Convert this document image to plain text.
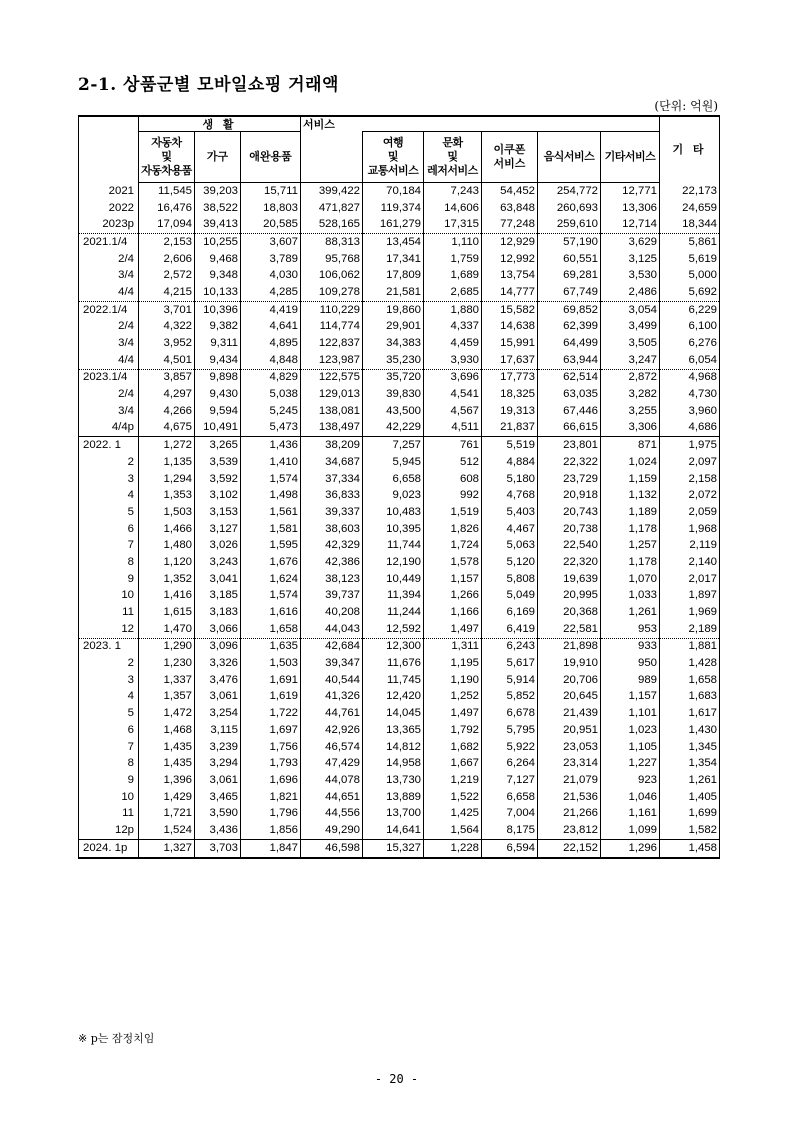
2-1. 상품군별 모바일쇼핑 거래액
(단위: 억원)
	생 활			서비스						기 타
	자동차
및
자동차용품	가구	애완용품		여행
및
교통서비스	문화
및
레저서비스	이쿠폰
서비스	음식서비스	기타서비스	
2021	11,545	39,203	15,711	399,422	70,184	7,243	54,452	254,772	12,771	22,173
2022	16,476	38,522	18,803	471,827	119,374	14,606	63,848	260,693	13,306	24,659
2023p	17,094	39,413	20,585	528,165	161,279	17,315	77,248	259,610	12,714	18,344
2021.1/4	2,153	10,255	3,607	88,313	13,454	1,110	12,929	57,190	3,629	5,861
2/4	2,606	9,468	3,789	95,768	17,341	1,759	12,992	60,551	3,125	5,619
3/4	2,572	9,348	4,030	106,062	17,809	1,689	13,754	69,281	3,530	5,000
4/4	4,215	10,133	4,285	109,278	21,581	2,685	14,777	67,749	2,486	5,692
2022.1/4	3,701	10,396	4,419	110,229	19,860	1,880	15,582	69,852	3,054	6,229
2/4	4,322	9,382	4,641	114,774	29,901	4,337	14,638	62,399	3,499	6,100
3/4	3,952	9,311	4,895	122,837	34,383	4,459	15,991	64,499	3,505	6,276
4/4	4,501	9,434	4,848	123,987	35,230	3,930	17,637	63,944	3,247	6,054
2023.1/4	3,857	9,898	4,829	122,575	35,720	3,696	17,773	62,514	2,872	4,968
2/4	4,297	9,430	5,038	129,013	39,830	4,541	18,325	63,035	3,282	4,730
3/4	4,266	9,594	5,245	138,081	43,500	4,567	19,313	67,446	3,255	3,960
4/4p	4,675	10,491	5,473	138,497	42,229	4,511	21,837	66,615	3,306	4,686
2022. 1	1,272	3,265	1,436	38,209	7,257	761	5,519	23,801	871	1,975
2	1,135	3,539	1,410	34,687	5,945	512	4,884	22,322	1,024	2,097
3	1,294	3,592	1,574	37,334	6,658	608	5,180	23,729	1,159	2,158
4	1,353	3,102	1,498	36,833	9,023	992	4,768	20,918	1,132	2,072
5	1,503	3,153	1,561	39,337	10,483	1,519	5,403	20,743	1,189	2,059
6	1,466	3,127	1,581	38,603	10,395	1,826	4,467	20,738	1,178	1,968
7	1,480	3,026	1,595	42,329	11,744	1,724	5,063	22,540	1,257	2,119
8	1,120	3,243	1,676	42,386	12,190	1,578	5,120	22,320	1,178	2,140
9	1,352	3,041	1,624	38,123	10,449	1,157	5,808	19,639	1,070	2,017
10	1,416	3,185	1,574	39,737	11,394	1,266	5,049	20,995	1,033	1,897
11	1,615	3,183	1,616	40,208	11,244	1,166	6,169	20,368	1,261	1,969
12	1,470	3,066	1,658	44,043	12,592	1,497	6,419	22,581	953	2,189
2023. 1	1,290	3,096	1,635	42,684	12,300	1,311	6,243	21,898	933	1,881
2	1,230	3,326	1,503	39,347	11,676	1,195	5,617	19,910	950	1,428
3	1,337	3,476	1,691	40,544	11,745	1,190	5,914	20,706	989	1,658
4	1,357	3,061	1,619	41,326	12,420	1,252	5,852	20,645	1,157	1,683
5	1,472	3,254	1,722	44,761	14,045	1,497	6,678	21,439	1,101	1,617
6	1,468	3,115	1,697	42,926	13,365	1,792	5,795	20,951	1,023	1,430
7	1,435	3,239	1,756	46,574	14,812	1,682	5,922	23,053	1,105	1,345
8	1,435	3,294	1,793	47,429	14,958	1,667	6,264	23,314	1,227	1,354
9	1,396	3,061	1,696	44,078	13,730	1,219	7,127	21,079	923	1,261
10	1,429	3,465	1,821	44,651	13,889	1,522	6,658	21,536	1,046	1,405
11	1,721	3,590	1,796	44,556	13,700	1,425	7,004	21,266	1,161	1,699
12p	1,524	3,436	1,856	49,290	14,641	1,564	8,175	23,812	1,099	1,582
2024. 1p	1,327	3,703	1,847	46,598	15,327	1,228	6,594	22,152	1,296	1,458
※ p는 잠정치임
- 20 -
